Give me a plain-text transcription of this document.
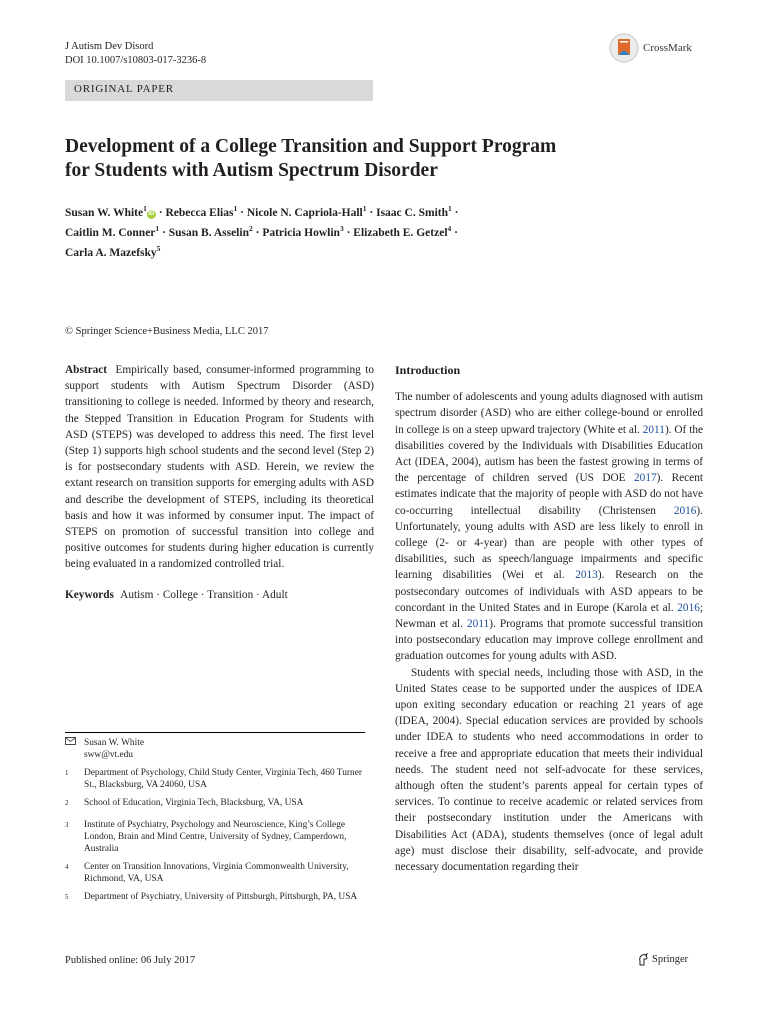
J Autism Dev Disord
DOI 10.1007/s10803-017-3236-8
CrossMark
ORIGINAL PAPER
Development of a College Transition and Support Program
for Students with Autism Spectrum Disorder
Susan W. White$^1$iD · Rebecca Elias$^1$ · Nicole N. Capriola‑Hall$^1$ · Isaac C. Smith$^1$ ·
Caitlin M. Conner$^1$ · Susan B. Asselin$^2$ · Patricia Howlin$^3$ · Elizabeth E. Getzel$^4$ ·
Carla A. Mazefsky$^5$
© Springer Science+Business Media, LLC 2017
Abstract Empirically based, consumer-informed programming to support students with Autism Spectrum Disorder (ASD) transitioning to college is needed. Informed by theory and research, the Stepped Transition in Education Program for Students with ASD (STEPS) was developed to address this need. The first level (Step 1) supports high school students and the second level (Step 2) is for postsecondary students with ASD. Herein, we review the extant research on transition supports for emerging adults with ASD and describe the development of STEPS, including its theoretical basis and how it was informed by consumer input. The impact of STEPS on promotion of successful transition into college and positive outcomes for students during higher education is currently being evaluated in a randomized controlled trial.
Keywords Autism · College · Transition · Adult
Susan W. White
sww@vt.edu
$^1$	Department of Psychology, Child Study Center, Virginia Tech, 460 Turner St., Blacksburg, VA 24060, USA
$^2$	School of Education, Virginia Tech, Blacksburg, VA, USA
$^3$	Institute of Psychiatry, Psychology and Neuroscience, King’s College London, Brain and Mind Centre, University of Sydney, Camperdown, Australia
$^4$	Center on Transition Innovations, Virginia Commonwealth University, Richmond, VA, USA
$^5$	Department of Psychiatry, University of Pittsburgh, Pittsburgh, PA, USA
Introduction
The number of adolescents and young adults diagnosed with autism spectrum disorder (ASD) who are either college-bound or enrolled in college is on a steep upward trajectory (White et al. 2011). Of the disabilities covered by the Individuals with Disabilities Education Act (IDEA, 2004), autism has been the fastest growing in terms of the percentage of children served (US DOE 2017). Recent estimates indicate that the majority of people with ASD do not have co-occurring intellectual disability (Christensen 2016). Unfortunately, young adults with ASD are less likely to enroll in college (2- or 4-year) than are people with other types of disabilities, such as speech/language impairments and specific learning disabilities (Wei et al. 2013). Research on the postsecondary outcomes of individuals with ASD appears to be concordant in the United States and in Europe (Karola et al. 2016; Newman et al. 2011). Programs that promote successful transition into postsecondary education may improve college enrollment and graduation outcomes for young adults with ASD.
Students with special needs, including those with ASD, in the United States cease to be supported under the auspices of IDEA upon exiting secondary education or reaching 21 years of age (IDEA, 2004). Special education services are provided by schools under IDEA to students who need accommodations in order to receive a free and appropriate education that meets their individual needs. The student need not self-advocate for these services, although often the student’s parents appeal for certain types of services. To continue to receive academic or related services from their postsecondary institution under the Americans with Disabilities Act (ADA), students themselves (once of legal adult age) must disclose their disability, self-advocate, and provide necessary documentation regarding their
Published online: 06 July 2017	Springer
